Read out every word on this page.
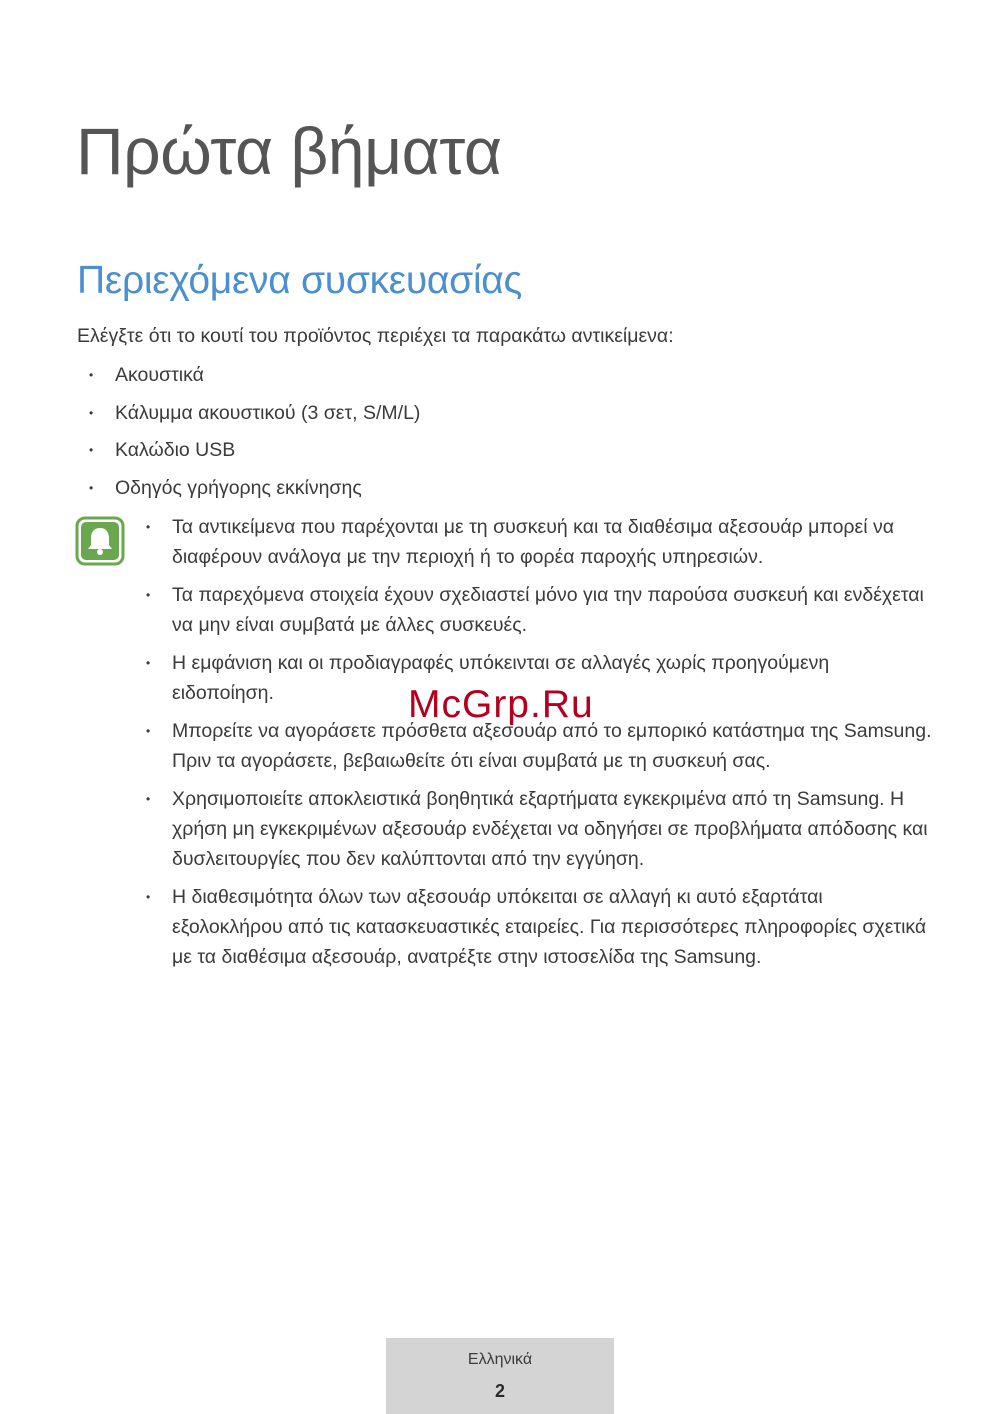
Πρώτα βήματα
Περιεχόμενα συσκευασίας

Ελέγξτε ότι το κουτί του προϊόντος περιέχει τα παρακάτω αντικείμενα:

• Ακουστικά
• Κάλυμμα ακουστικού (3 σετ, S/M/L)
• Καλώδιο USB
• Οδηγός γρήγορης εκκίνησης
• Τα αντικείμενα που παρέχονται με τη συσκευή και τα διαθέσιμα αξεσουάρ μπορεί να διαφέρουν ανάλογα με την περιοχή ή το φορέα παροχής υπηρεσιών.
• Τα παρεχόμενα στοιχεία έχουν σχεδιαστεί μόνο για την παρούσα συσκευή και ενδέχεται να μην είναι συμβατά με άλλες συσκευές.
• Η εμφάνιση και οι προδιαγραφές υπόκεινται σε αλλαγές χωρίς προηγούμενη ειδοποίηση.
• Μπορείτε να αγοράσετε πρόσθετα αξεσουάρ από το εμπορικό κατάστημα της Samsung. Πριν τα αγοράσετε, βεβαιωθείτε ότι είναι συμβατά με τη συσκευή σας.
• Χρησιμοποιείτε αποκλειστικά βοηθητικά εξαρτήματα εγκεκριμένα από τη Samsung. Η χρήση μη εγκεκριμένων αξεσουάρ ενδέχεται να οδηγήσει σε προβλήματα απόδοσης και δυσλειτουργίες που δεν καλύπτονται από την εγγύηση.
• Η διαθεσιμότητα όλων των αξεσουάρ υπόκειται σε αλλαγή κι αυτό εξαρτάται εξολοκλήρου από τις κατασκευαστικές εταιρείες. Για περισσότερες πληροφορίες σχετικά με τα διαθέσιμα αξεσουάρ, ανατρέξτε στην ιστοσελίδα της Samsung.
McGrp.Ru
Ελληνικά
2
